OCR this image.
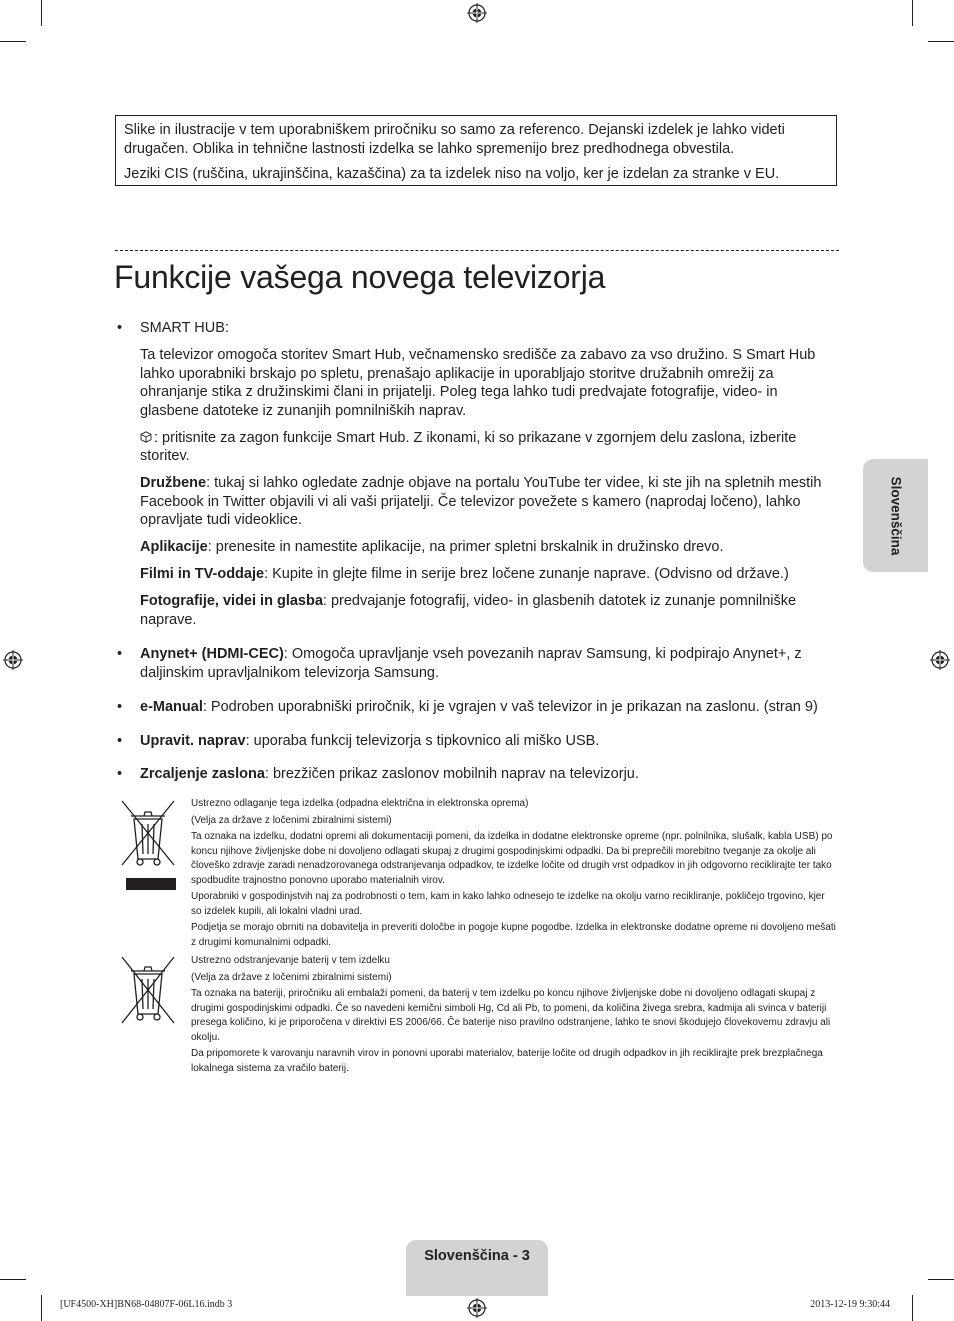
Slike in ilustracije v tem uporabniškem priročniku so samo za referenco. Dejanski izdelek je lahko videti drugačen. Oblika in tehnične lastnosti izdelka se lahko spremenijo brez predhodnega obvestila.

Jeziki CIS (ruščina, ukrajinščina, kazaščina) za ta izdelek niso na voljo, ker je izdelan za stranke v EU.

Funkcije vašega novega televizorja
• SMART HUB:

Ta televizor omogoča storitev Smart Hub, večnamensko središče za zabavo za vso družino. S Smart Hub lahko uporabniki brskajo po spletu, prenašajo aplikacije in uporabljajo storitve družabnih omrežij za ohranjanje stika z družinskimi člani in prijatelji. Poleg tega lahko tudi predvajate fotografije, video- in glasbene datoteke iz zunanjih pomnilniških naprav.

: pritisnite za zagon funkcije Smart Hub. Z ikonami, ki so prikazane v zgornjem delu zaslona, izberite storitev.

Družbene: tukaj si lahko ogledate zadnje objave na portalu YouTube ter videe, ki ste jih na spletnih mestih Facebook in Twitter objavili vi ali vaši prijatelji. Če televizor povežete s kamero (naprodaj ločeno), lahko opravljate tudi videoklice.

Aplikacije: prenesite in namestite aplikacije, na primer spletni brskalnik in družinsko drevo.

Filmi in TV-oddaje: Kupite in glejte filme in serije brez ločene zunanje naprave. (Odvisno od države.)

Fotografije, videi in glasba: predvajanje fotografij, video- in glasbenih datotek iz zunanje pomnilniške naprave.

• Anynet+ (HDMI-CEC): Omogoča upravljanje vseh povezanih naprav Samsung, ki podpirajo Anynet+, z daljinskim upravljalnikom televizorja Samsung.

• e-Manual: Podroben uporabniški priročnik, ki je vgrajen v vaš televizor in je prikazan na zaslonu. (stran 9)

• Upravit. naprav: uporaba funkcij televizorja s tipkovnico ali miško USB.

• Zrcaljenje zaslona: brezžičen prikaz zaslonov mobilnih naprav na televizorju.

Ustrezno odlaganje tega izdelka (odpadna električna in elektronska oprema)

(Velja za države z ločenimi zbiralnimi sistemi)

Ta oznaka na izdelku, dodatni opremi ali dokumentaciji pomeni, da izdelka in dodatne elektronske opreme (npr. polnilnika, slušalk, kabla USB) po koncu njihove življenjske dobe ni dovoljeno odlagati skupaj z drugimi gospodinjskimi odpadki. Da bi preprečili morebitno tveganje za okolje ali človeško zdravje zaradi nenadzorovanega odstranjevanja odpadkov, te izdelke ločite od drugih vrst odpadkov in jih odgovorno reciklirajte ter tako spodbudite trajnostno ponovno uporabo materialnih virov.

Uporabniki v gospodinjstvih naj za podrobnosti o tem, kam in kako lahko odnesejo te izdelke na okolju varno recikliranje, pokličejo trgovino, kjer so izdelek kupili, ali lokalni vladni urad.

Podjetja se morajo obrniti na dobavitelja in preveriti določbe in pogoje kupne pogodbe. Izdelka in elektronske dodatne opreme ni dovoljeno mešati z drugimi komunalnimi odpadki.

Ustrezno odstranjevanje baterij v tem izdelku

(Velja za države z ločenimi zbiralnimi sistemi)

Ta oznaka na bateriji, priročniku ali embalaži pomeni, da baterij v tem izdelku po koncu njihove življenjske dobe ni dovoljeno odlagati skupaj z drugimi gospodinjskimi odpadki. Če so navedeni kemični simboli Hg, Cd ali Pb, to pomeni, da količina živega srebra, kadmija ali svinca v bateriji presega količino, ki je priporočena v direktivi ES 2006/66. Če baterije niso pravilno odstranjene, lahko te snovi škodujejo človekovemu zdravju ali okolju.

Da pripomorete k varovanju naravnih virov in ponovni uporabi materialov, baterije ločite od drugih odpadkov in jih reciklirajte prek brezplačnega lokalnega sistema za vračilo baterij.

Slovenščina
Slovenščina - 3
[UF4500-XH]BN68-04807F-06L16.indb 3	2013-12-19 ​9:30:44
